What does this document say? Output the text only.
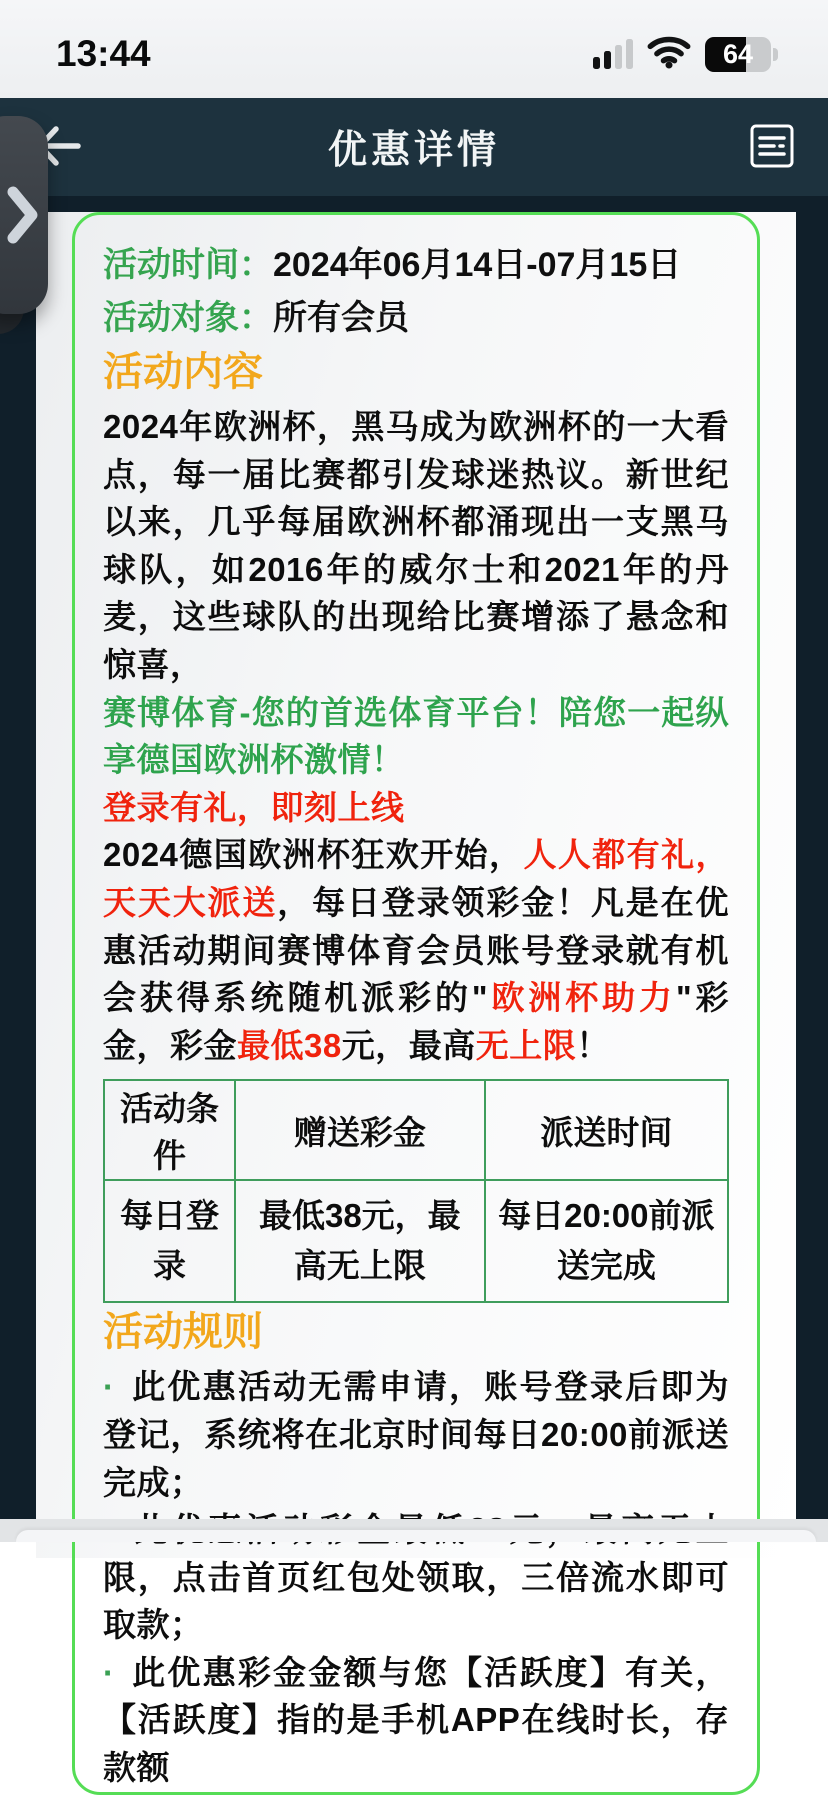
13:44	64
优惠详情

活动时间：2024年06月14日-07月15日

活动对象：所有会员

活动内容

2024年欧洲杯，黑马成为欧洲杯的一大看点，每一届比赛都引发球迷热议。新世纪以来，几乎每届欧洲杯都涌现出一支黑马球队，如2016年的威尔士和2021年的丹麦，这些球队的出现给比赛增添了悬念和惊喜，

赛博体育-您的首选体育平台！陪您一起纵享德国欧洲杯激情！

登录有礼，即刻上线

2024德国欧洲杯狂欢开始，人人都有礼，天天大派送，每日登录领彩金！凡是在优惠活动期间赛博体育会员账号登录就有机会获得系统随机派彩的"欧洲杯助力"彩金，彩金最低38元，最高无上限！

活动条件	赠送彩金	派送时间
每日登录	最低38元，最高无上限	每日20:00前派送完成
活动规则

· 此优惠活动无需申请，账号登录后即为登记，系统将在北京时间每日20:00前派送完成；

限，点击首页红包处领取，三倍流水即可取款；

· 此优惠彩金金额与您【活跃度】有关，【活跃度】指的是手机APP在线时长，存款额
